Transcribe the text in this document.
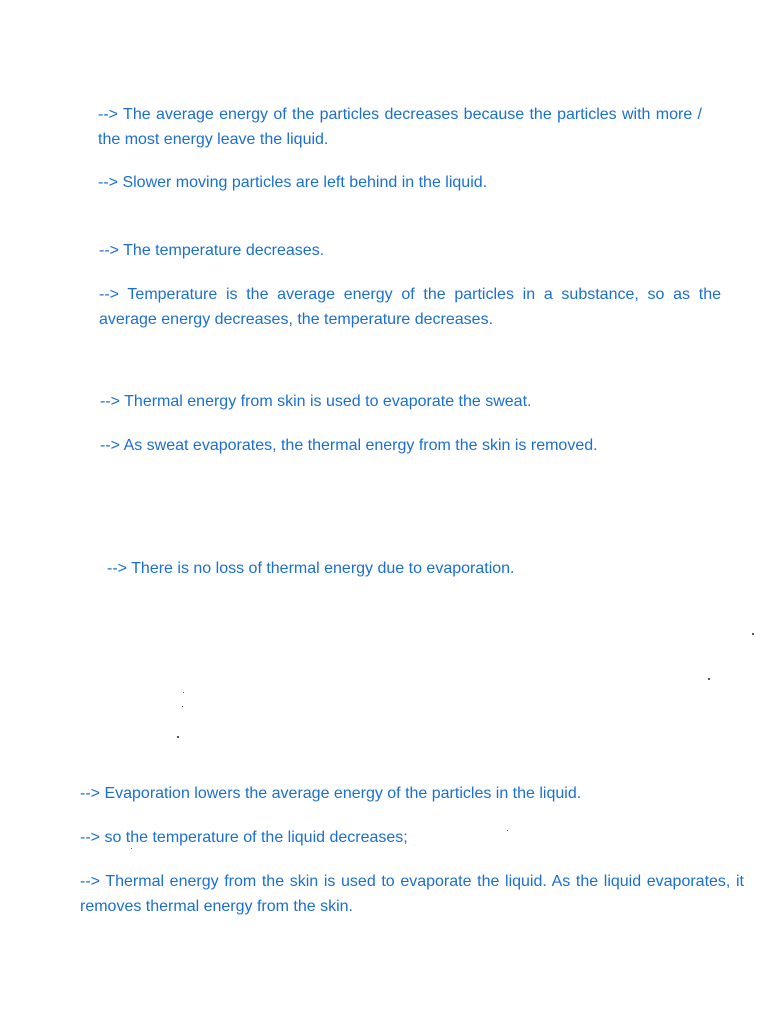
--> The average energy of the particles decreases because the particles with more / the most energy leave the liquid.

--> Slower moving particles are left behind in the liquid.

--> The temperature decreases.

--> Temperature is the average energy of the particles in a substance, so as the average energy decreases, the temperature decreases.

--> Thermal energy from skin is used to evaporate the sweat.

--> As sweat evaporates, the thermal energy from the skin is removed.

--> There is no loss of thermal energy due to evaporation.

--> Evaporation lowers the average energy of the particles in the liquid.

--> so the temperature of the liquid decreases;

--> Thermal energy from the skin is used to evaporate the liquid. As the liquid evaporates, it removes thermal energy from the skin.
